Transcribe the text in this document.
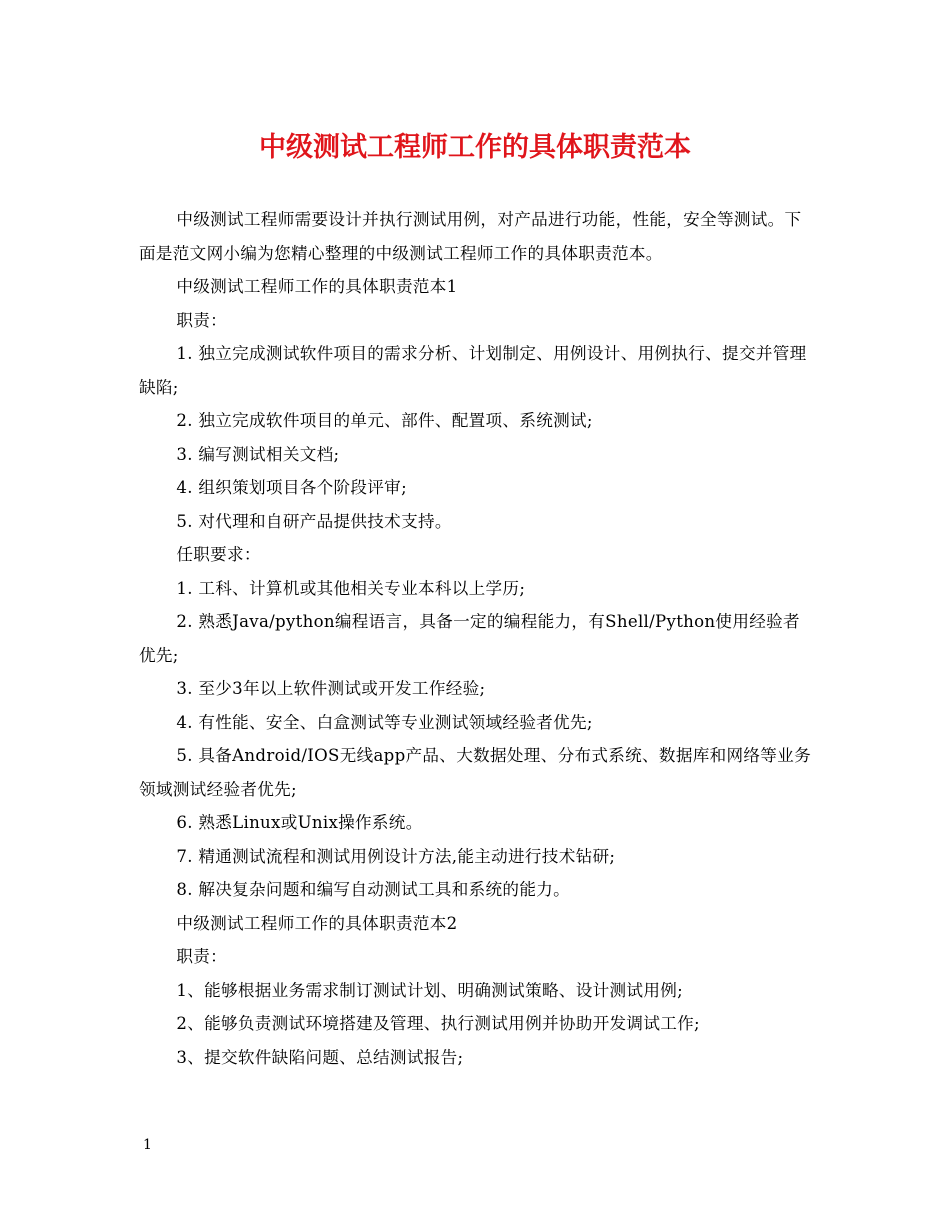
中级测试工程师工作的具体职责范本

中级测试工程师需要设计并执行测试用例，对产品进行功能，性能，安全等测试。下面是范文网小编为您精心整理的中级测试工程师工作的具体职责范本。

中级测试工程师工作的具体职责范本1

职责：

1. 独立完成测试软件项目的需求分析、计划制定、用例设计、用例执行、提交并管理缺陷;

2. 独立完成软件项目的单元、部件、配置项、系统测试;

3. 编写测试相关文档;

4. 组织策划项目各个阶段评审;

5. 对代理和自研产品提供技术支持。

任职要求：

1. 工科、计算机或其他相关专业本科以上学历;

2. 熟悉Java/python编程语言，具备一定的编程能力，有Shell/Python使用经验者优先;

3. 至少3年以上软件测试或开发工作经验;

4. 有性能、安全、白盒测试等专业测试领域经验者优先;

5. 具备Android/IOS无线app产品、大数据处理、分布式系统、数据库和网络等业务领域测试经验者优先;

6. 熟悉Linux或Unix操作系统。

7. 精通测试流程和测试用例设计方法,能主动进行技术钻研;

8. 解决复杂问题和编写自动测试工具和系统的能力。

中级测试工程师工作的具体职责范本2

职责：

1、能够根据业务需求制订测试计划、明确测试策略、设计测试用例;

2、能够负责测试环境搭建及管理、执行测试用例并协助开发调试工作;

3、提交软件缺陷问题、总结测试报告;

1
